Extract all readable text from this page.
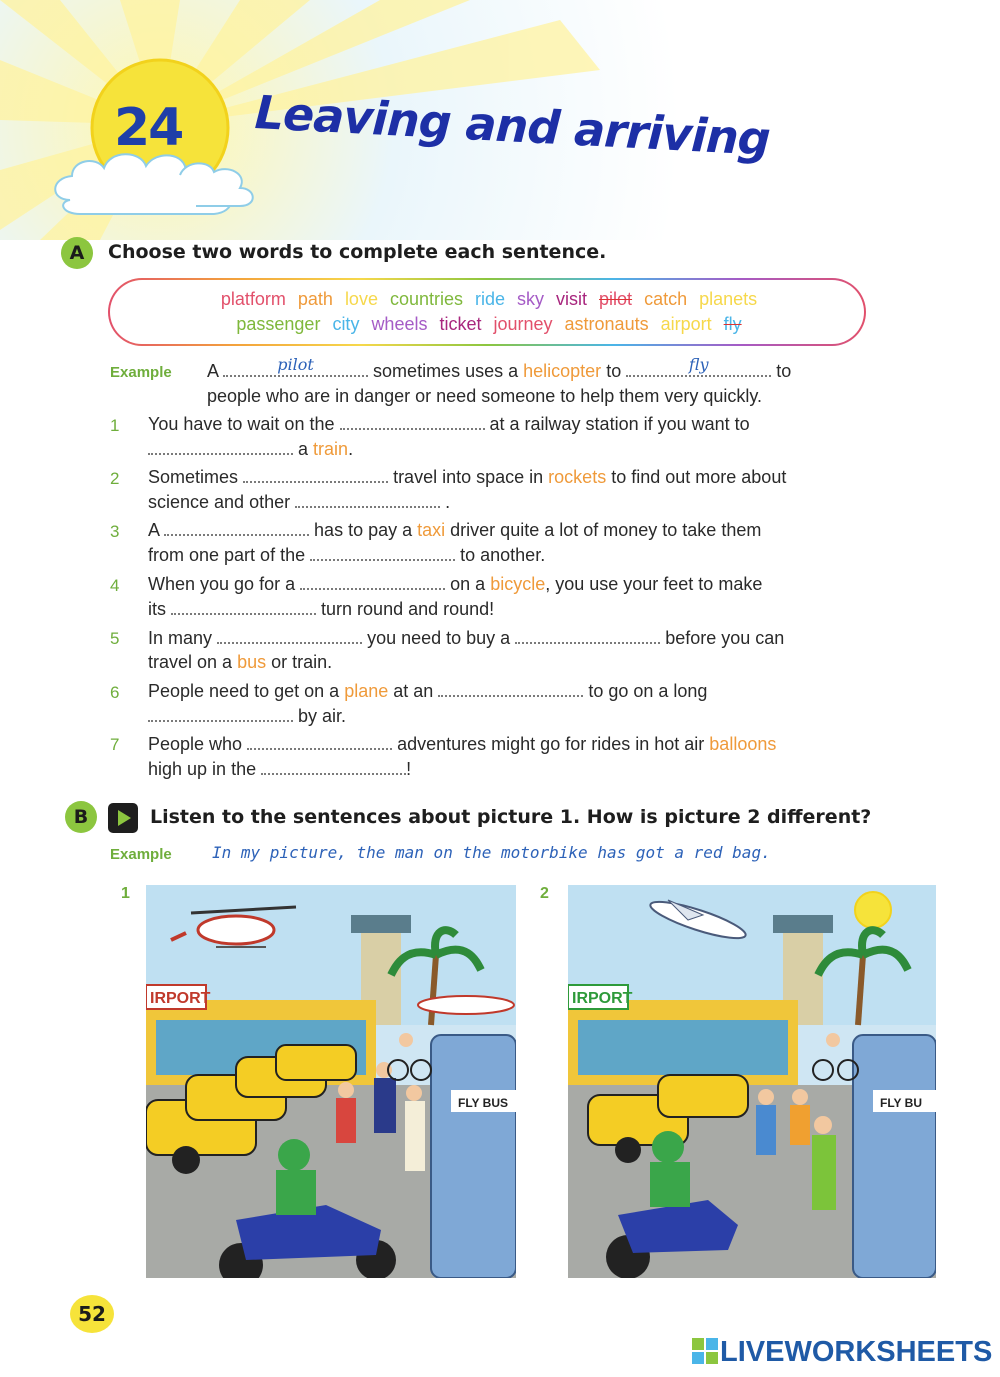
24 Leaving and arriving
A	Choose two words to complete each sentence.
platform path love countries ride sky visit pilot catch planets
passenger city wheels ticket journey astronauts airport fly
Example A	pilot	sometimes uses a helicopter to	fly	to
people who are in danger or need someone to help them very quickly.
1 You have to wait on the	at a railway station if you want to
a train.
2 Sometimes	travel into space in rockets to find out more about
science and other	.
3 A	has to pay a taxi driver quite a lot of money to take them
from one part of the	to another.
4 When you go for a	on a bicycle, you use your feet to make
its	turn round and round!
5 In many	you need to buy a	before you can
travel on a bus or train.
6 People need to get on a plane at an	to go on a long
by air.
7 People who	adventures might go for rides in hot air balloons
high up in the	!
B	Listen to the sentences about picture 1. How is picture 2 different?
Example	In my picture, the man on the motorbike has got a red bag.
1
IRPORT
FLY BUS
2
IRPORT
FLY BU
52
LIVEWORKSHEETS
